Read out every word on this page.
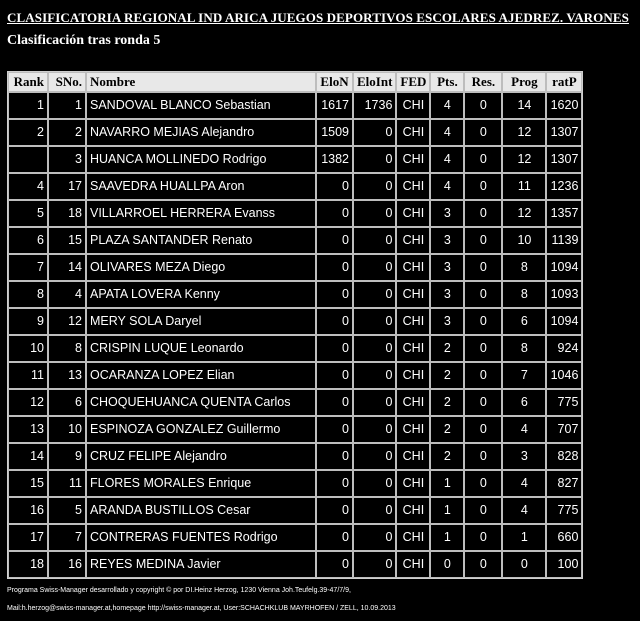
CLASIFICATORIA REGIONAL IND ARICA JUEGOS DEPORTIVOS ESCOLARES AJEDREZ. VARONES
Clasificación tras ronda 5
Rank	SNo.	Nombre	EloN	EloInt	FED	Pts.	Res.	Prog	ratP
1	1	SANDOVAL BLANCO Sebastian	1617	1736	CHI	4	0	14	1620
2	2	NAVARRO MEJIAS Alejandro	1509	0	CHI	4	0	12	1307
	3	HUANCA MOLLINEDO Rodrigo	1382	0	CHI	4	0	12	1307
4	17	SAAVEDRA HUALLPA Aron	0	0	CHI	4	0	11	1236
5	18	VILLARROEL HERRERA Evanss	0	0	CHI	3	0	12	1357
6	15	PLAZA SANTANDER Renato	0	0	CHI	3	0	10	1139
7	14	OLIVARES MEZA Diego	0	0	CHI	3	0	8	1094
8	4	APATA LOVERA Kenny	0	0	CHI	3	0	8	1093
9	12	MERY SOLA Daryel	0	0	CHI	3	0	6	1094
10	8	CRISPIN LUQUE Leonardo	0	0	CHI	2	0	8	924
11	13	OCARANZA LOPEZ Elian	0	0	CHI	2	0	7	1046
12	6	CHOQUEHUANCA QUENTA Carlos	0	0	CHI	2	0	6	775
13	10	ESPINOZA GONZALEZ Guillermo	0	0	CHI	2	0	4	707
14	9	CRUZ FELIPE Alejandro	0	0	CHI	2	0	3	828
15	11	FLORES MORALES Enrique	0	0	CHI	1	0	4	827
16	5	ARANDA BUSTILLOS Cesar	0	0	CHI	1	0	4	775
17	7	CONTRERAS FUENTES Rodrigo	0	0	CHI	1	0	1	660
18	16	REYES MEDINA Javier	0	0	CHI	0	0	0	100
Programa Swiss-Manager desarrollado y copyright © por DI.Heinz Herzog, 1230 Vienna Joh.Teufelg.39-47/7/9,
Mail:h.herzog@swiss-manager.at,homepage http://swiss-manager.at, User:SCHACHKLUB MAYRHOFEN / ZELL, 10.09.2013
